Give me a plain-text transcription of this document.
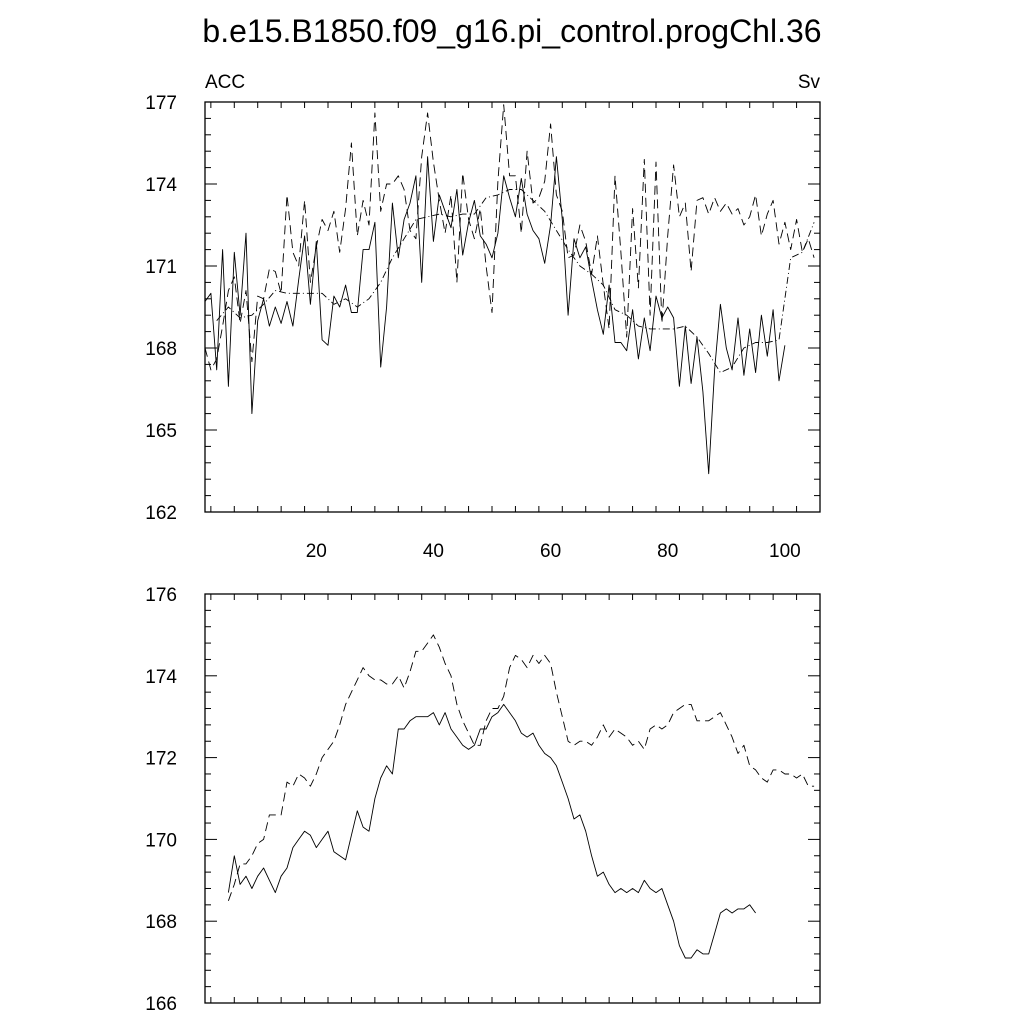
b.e15.B1850.f09_g16.pi_control.progChl.36
162
165
168
171
174
177
20	40	60	80	100
ACC	Sv
166
168
170
172
174
176
